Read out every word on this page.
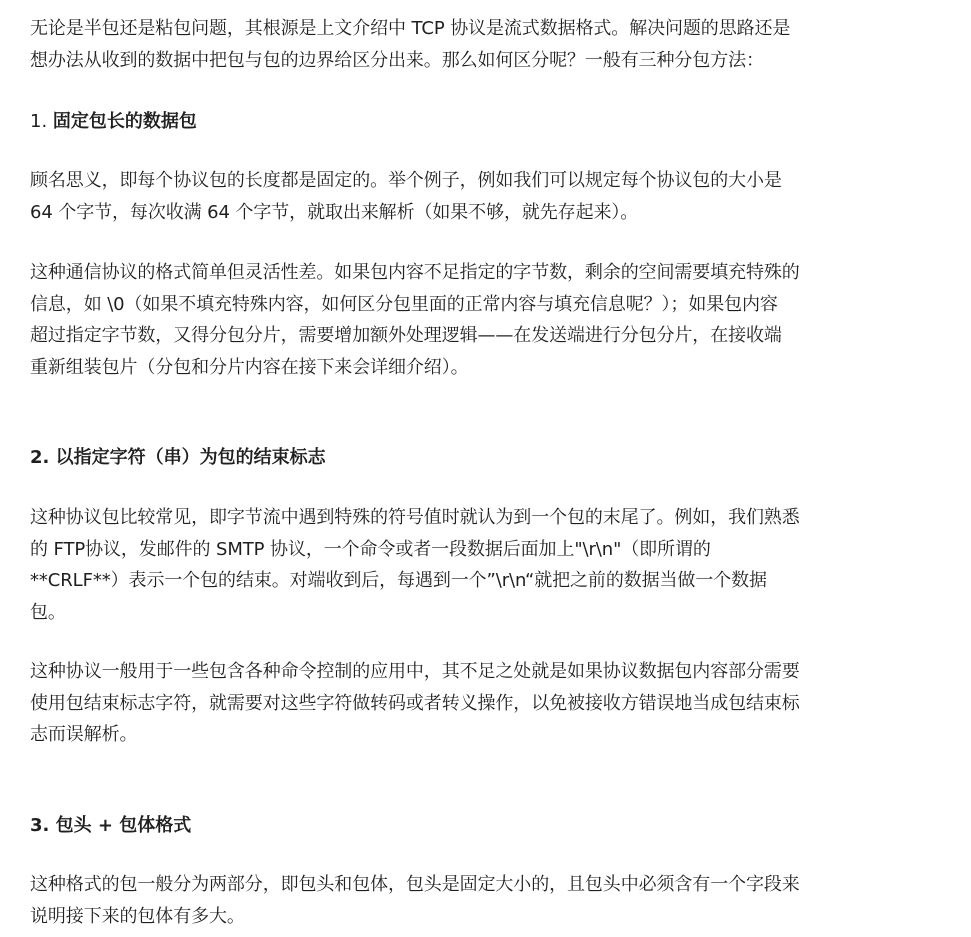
无论是半包还是粘包问题，其根源是上文介绍中 TCP 协议是流式数据格式。解决问题的思路还是

想办法从收到的数据中把包与包的边界给区分出来。那么如何区分呢？一般有三种分包方法：

1. 固定包长的数据包

顾名思义，即每个协议包的长度都是固定的。举个例子，例如我们可以规定每个协议包的大小是

64 个字节，每次收满 64 个字节，就取出来解析（如果不够，就先存起来）。

这种通信协议的格式简单但灵活性差。如果包内容不足指定的字节数，剩余的空间需要填充特殊的

信息，如 \0（如果不填充特殊内容，如何区分包里面的正常内容与填充信息呢？）；如果包内容

超过指定字节数，又得分包分片，需要增加额外处理逻辑——在发送端进行分包分片，在接收端

重新组装包片（分包和分片内容在接下来会详细介绍）。

2. 以指定字符（串）为包的结束标志

这种协议包比较常见，即字节流中遇到特殊的符号值时就认为到一个包的末尾了。例如，我们熟悉

的 FTP协议，发邮件的 SMTP 协议，一个命令或者一段数据后面加上"\r\n"（即所谓的

**CRLF**）表示一个包的结束。对端收到后，每遇到一个”\r\n“就把之前的数据当做一个数据

包。

这种协议一般用于一些包含各种命令控制的应用中，其不足之处就是如果协议数据包内容部分需要

使用包结束标志字符，就需要对这些字符做转码或者转义操作，以免被接收方错误地当成包结束标

志而误解析。

3. 包头 + 包体格式

这种格式的包一般分为两部分，即包头和包体，包头是固定大小的，且包头中必须含有一个字段来

说明接下来的包体有多大。
